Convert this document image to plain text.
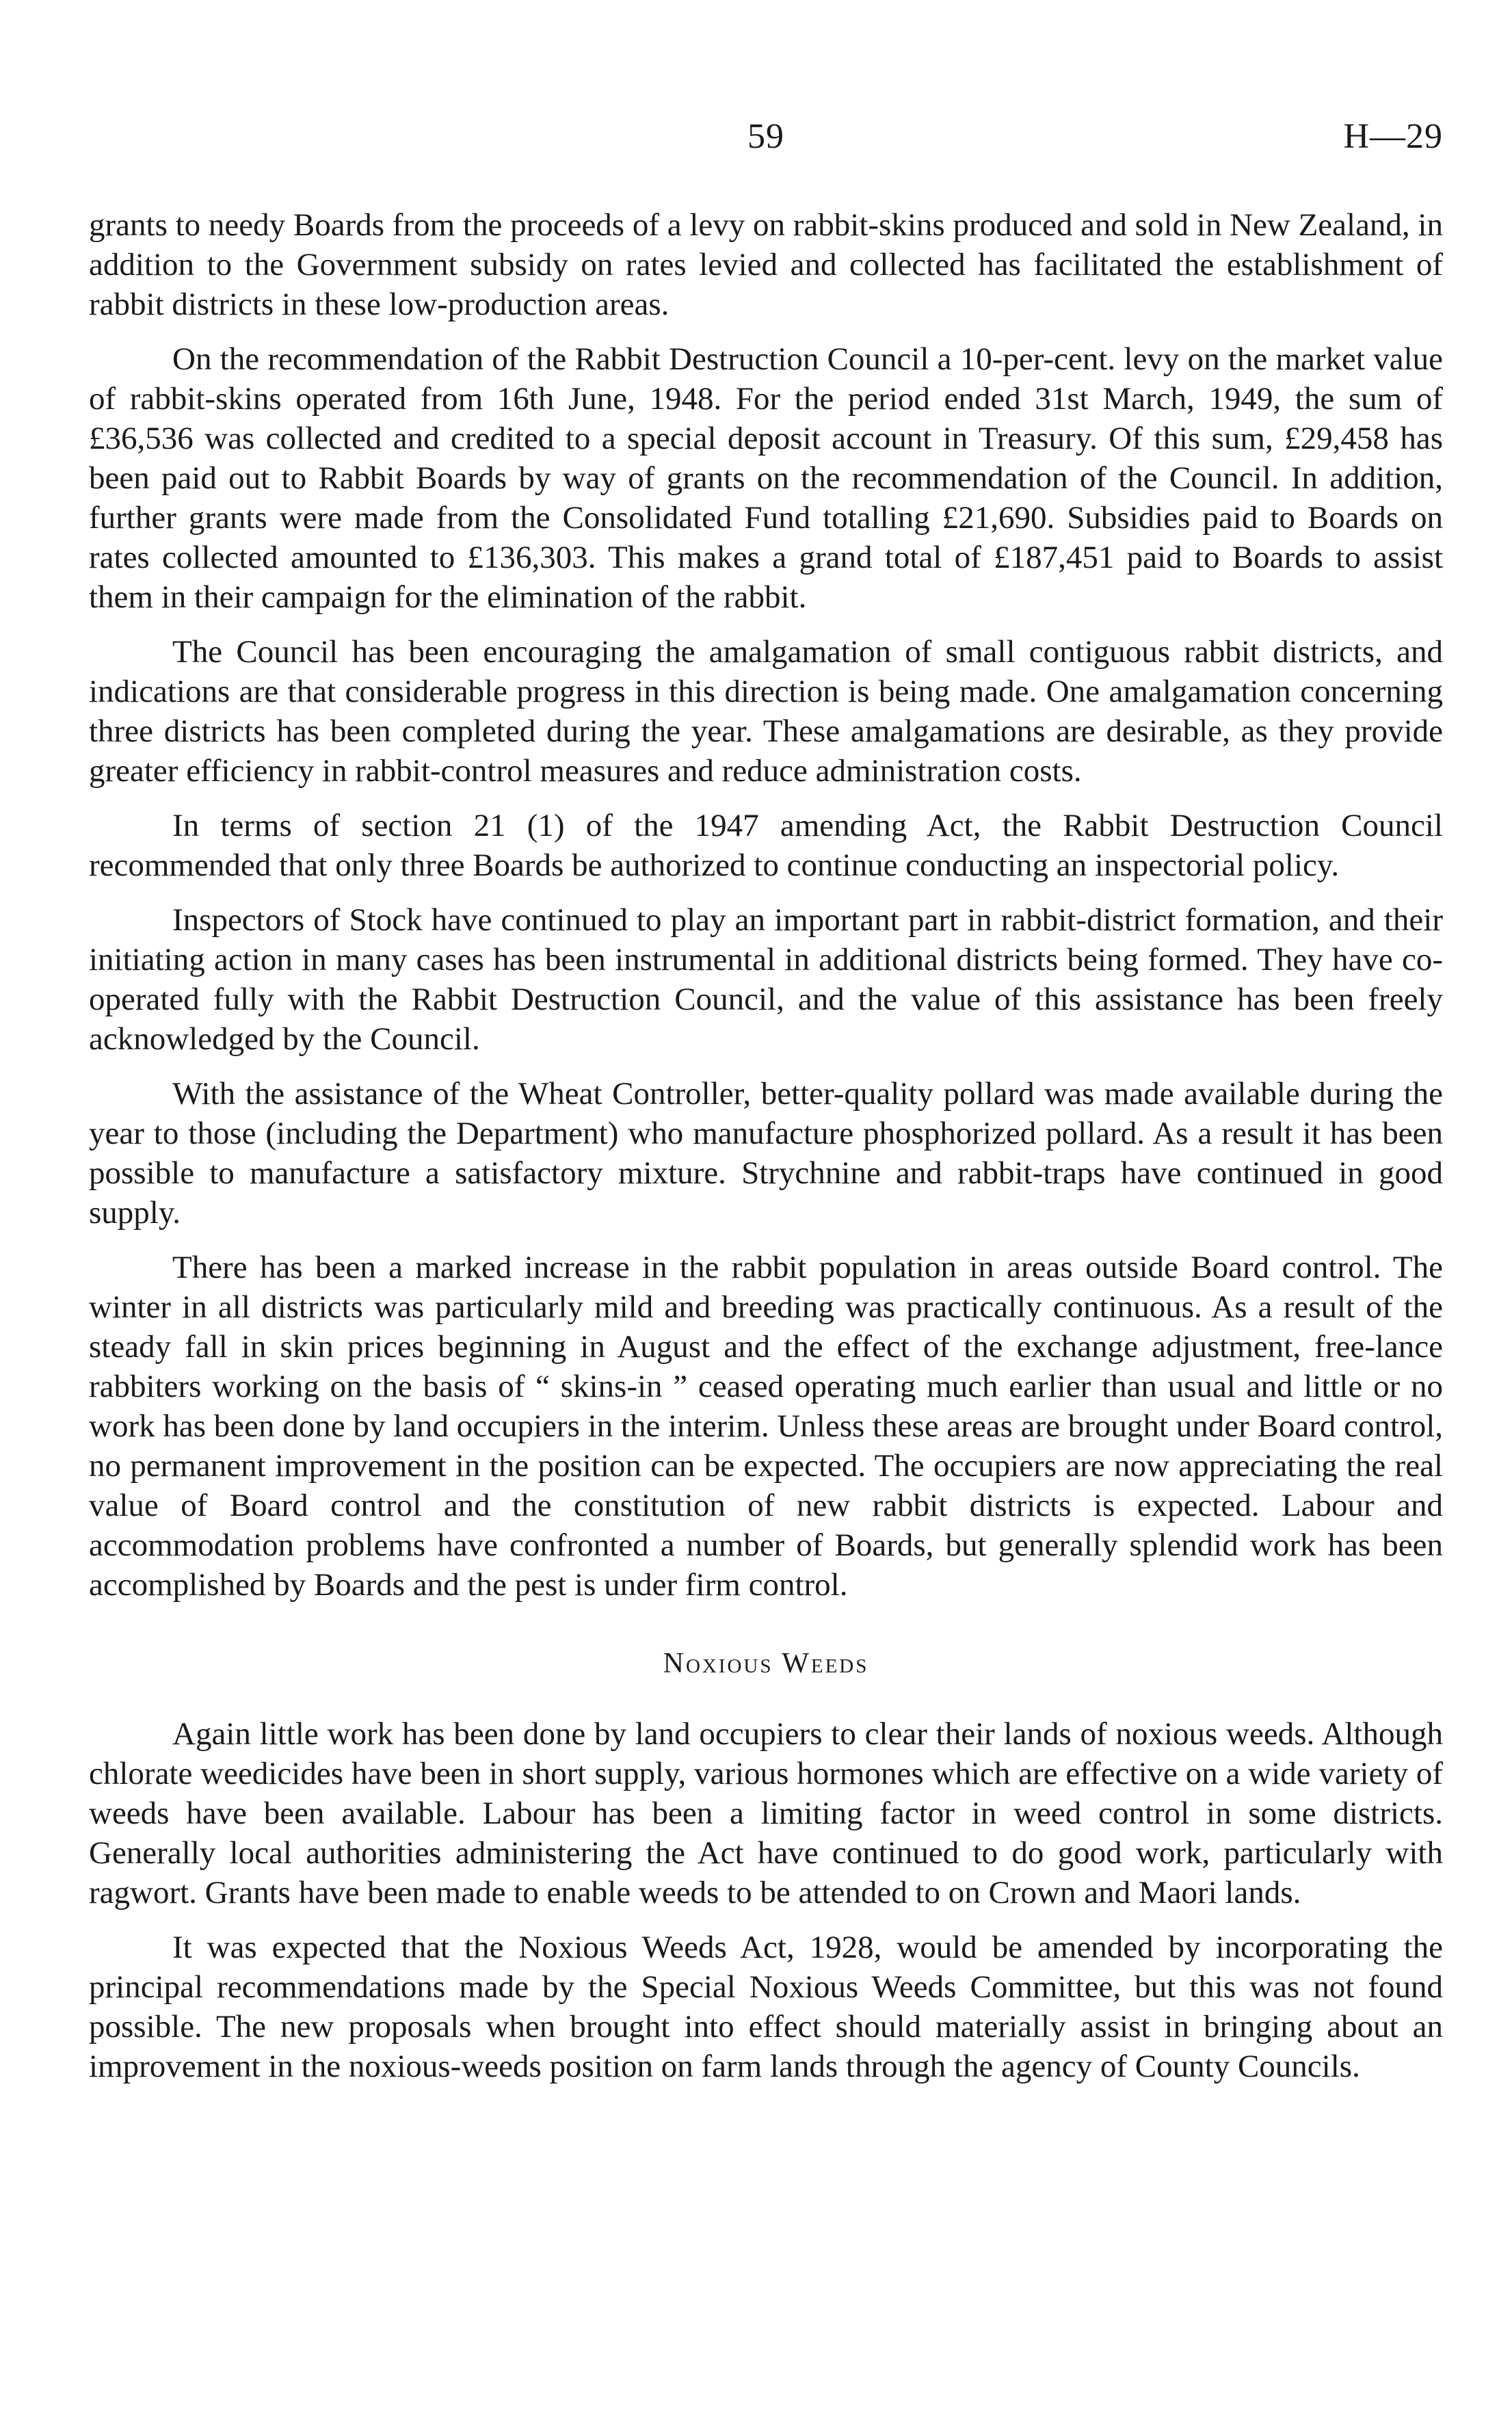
59	H—29

grants to needy Boards from the proceeds of a levy on rabbit-skins produced and sold in New Zealand, in addition to the Government subsidy on rates levied and collected has facilitated the establishment of rabbit districts in these low-production areas.

On the recommendation of the Rabbit Destruction Council a 10-per-cent. levy on the market value of rabbit-skins operated from 16th June, 1948. For the period ended 31st March, 1949, the sum of £36,536 was collected and credited to a special deposit account in Treasury. Of this sum, £29,458 has been paid out to Rabbit Boards by way of grants on the recommendation of the Council. In addition, further grants were made from the Consolidated Fund totalling £21,690. Subsidies paid to Boards on rates collected amounted to £136,303. This makes a grand total of £187,451 paid to Boards to assist them in their campaign for the elimination of the rabbit.

The Council has been encouraging the amalgamation of small contiguous rabbit districts, and indications are that considerable progress in this direction is being made. One amalgamation concerning three districts has been completed during the year. These amalgamations are desirable, as they provide greater efficiency in rabbit-control measures and reduce administration costs.

In terms of section 21 (1) of the 1947 amending Act, the Rabbit Destruction Council recommended that only three Boards be authorized to continue conducting an inspectorial policy.

Inspectors of Stock have continued to play an important part in rabbit-district formation, and their initiating action in many cases has been instrumental in additional districts being formed. They have co-operated fully with the Rabbit Destruction Council, and the value of this assistance has been freely acknowledged by the Council.

With the assistance of the Wheat Controller, better-quality pollard was made available during the year to those (including the Department) who manufacture phosphorized pollard. As a result it has been possible to manufacture a satisfactory mixture. Strychnine and rabbit-traps have continued in good supply.

There has been a marked increase in the rabbit population in areas outside Board control. The winter in all districts was particularly mild and breeding was practically continuous. As a result of the steady fall in skin prices beginning in August and the effect of the exchange adjustment, free-lance rabbiters working on the basis of “ skins-in ” ceased operating much earlier than usual and little or no work has been done by land occupiers in the interim. Unless these areas are brought under Board control, no permanent improvement in the position can be expected. The occupiers are now appreciating the real value of Board control and the constitution of new rabbit districts is expected. Labour and accommodation problems have confronted a number of Boards, but generally splendid work has been accomplished by Boards and the pest is under firm control.

Noxious Weeds

Again little work has been done by land occupiers to clear their lands of noxious weeds. Although chlorate weedicides have been in short supply, various hormones which are effective on a wide variety of weeds have been available. Labour has been a limiting factor in weed control in some districts. Generally local authorities administering the Act have continued to do good work, particularly with ragwort. Grants have been made to enable weeds to be attended to on Crown and Maori lands.

It was expected that the Noxious Weeds Act, 1928, would be amended by incorporating the principal recommendations made by the Special Noxious Weeds Committee, but this was not found possible. The new proposals when brought into effect should materially assist in bringing about an improvement in the noxious-weeds position on farm lands through the agency of County Councils.
